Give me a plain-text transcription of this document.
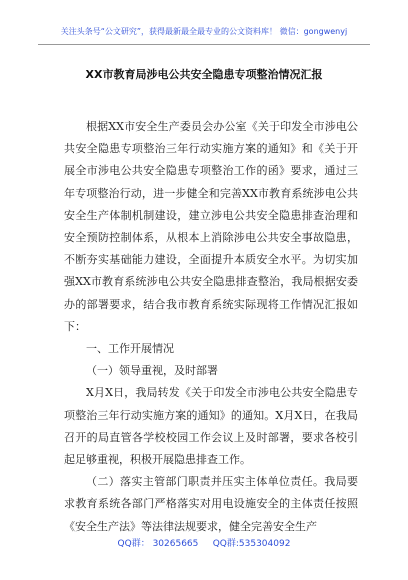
关注头条号“公文研究”，获得最新最全最专业的公文资料库！ 微信：gongwenyj
XX市教育局涉电公共安全隐患专项整治情况汇报

根据XX市安全生产委员会办公室《关于印发全市涉电公共安全隐患专项整治三年行动实施方案的通知》和《关于开展全市涉电公共安全隐患专项整治工作的函》要求，通过三年专项整治行动，进一步健全和完善XX市教育系统涉电公共安全生产体制机制建设，建立涉电公共安全隐患排查治理和安全预防控制体系，从根本上消除涉电公共安全事故隐患，不断夯实基础能力建设，全面提升本质安全水平。为切实加强XX市教育系统涉电公共安全隐患排查整治，我局根据安委办的部署要求，结合我市教育系统实际现将工作情况汇报如下：

一、工作开展情况

（一）领导重视，及时部署

X月X日，我局转发《关于印发全市涉电公共安全隐患专项整治三年行动实施方案的通知》的通知。X月X日，在我局召开的局直管各学校校园工作会议上及时部署，要求各校引起足够重视，积极开展隐患排查工作。

（二）落实主管部门职责并压实主体单位责任。我局要求教育系统各部门严格落实对用电设施安全的主体责任按照《安全生产法》等法律法规要求，健全完善安全生产

QQ群： 30265665     QQ群:535304092
